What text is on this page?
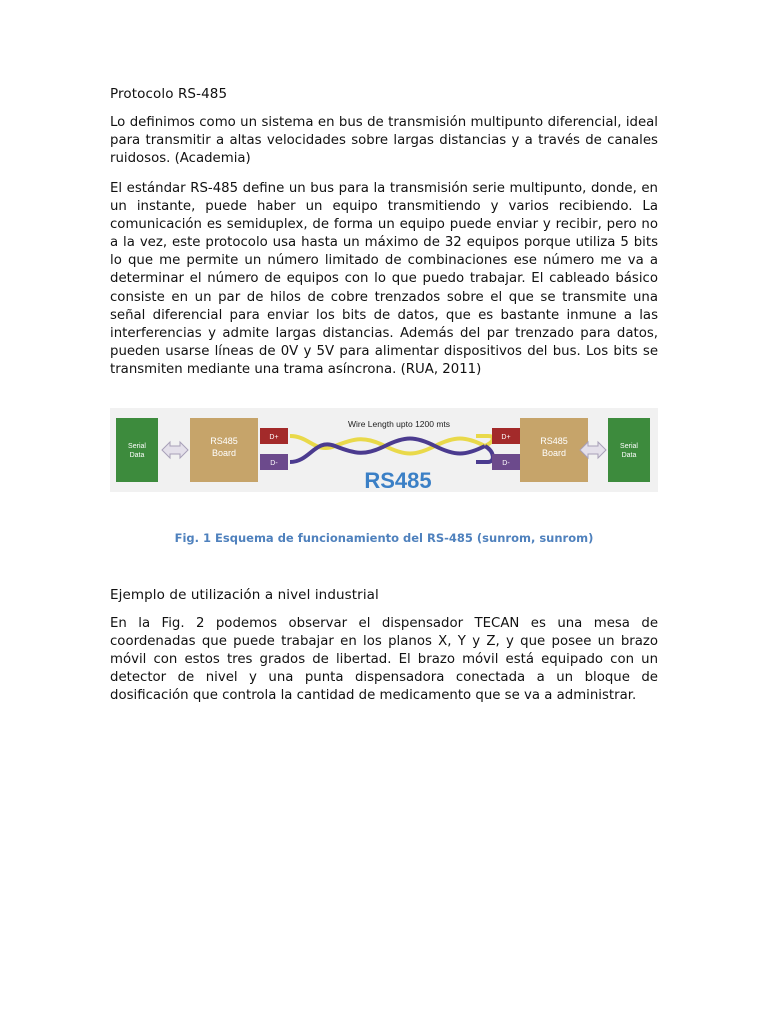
Protocolo RS-485

Lo definimos como un sistema en bus de transmisión multipunto diferencial, ideal para transmitir a altas velocidades sobre largas distancias y a través de canales ruidosos. (Academia)

El estándar RS-485 define un bus para la transmisión serie multipunto, donde, en un instante, puede haber un equipo transmitiendo y varios recibiendo. La comunicación es semiduplex, de forma un equipo puede enviar y recibir, pero no a la vez, este protocolo usa hasta un máximo de 32 equipos porque utiliza 5 bits lo que me permite un número limitado de combinaciones ese número me va a determinar el número de equipos con lo que puedo trabajar. El cableado básico consiste en un par de hilos de cobre trenzados sobre el que se transmite una señal diferencial para enviar los bits de datos, que es bastante inmune a las interferencias y admite largas distancias. Además del par trenzado para datos, pueden usarse líneas de 0V y 5V para alimentar dispositivos del bus. Los bits se transmiten mediante una trama asíncrona. (RUA, 2011)

Ejemplo de utilización a nivel industrial

En la Fig. 2 podemos observar el dispensador TECAN es una mesa de coordenadas que puede trabajar en los planos X, Y y Z, y que posee un brazo móvil con estos tres grados de libertad. El brazo móvil está equipado con un detector de nivel y una punta dispensadora conectada a un bloque de dosificación que controla la cantidad de medicamento que se va a administrar.

Serial
Data
RS485
Board
D+
D-
Wire Length upto 1200 mts
RS485
D+
D-
RS485
Board
Serial
Data

Fig. 1 Esquema de funcionamiento del RS-485 (sunrom, sunrom)
